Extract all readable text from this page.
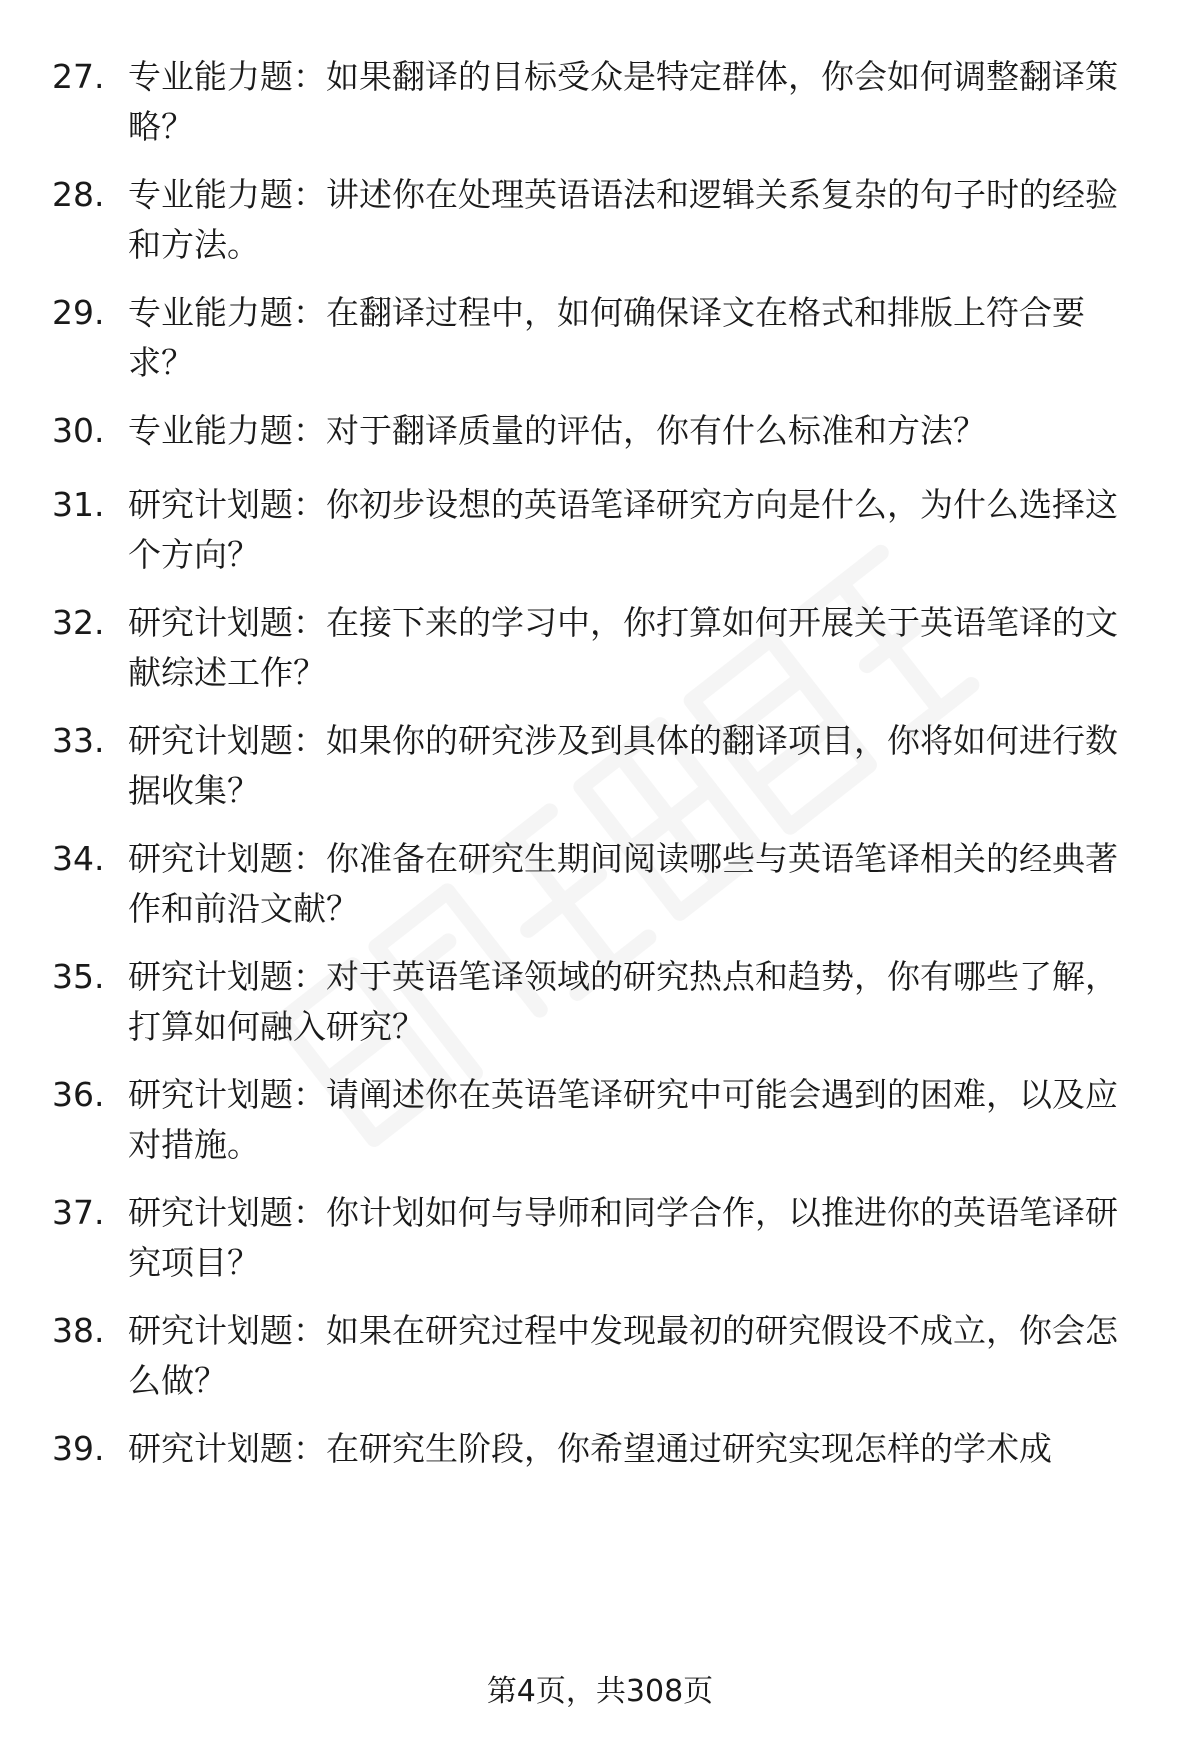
27. 专业能力题：如果翻译的目标受众是特定群体，你会如何调整翻译策略？

28. 专业能力题：讲述你在处理英语语法和逻辑关系复杂的句子时的经验和方法。

29. 专业能力题：在翻译过程中，如何确保译文在格式和排版上符合要求？

30. 专业能力题：对于翻译质量的评估，你有什么标准和方法？

31. 研究计划题：你初步设想的英语笔译研究方向是什么，为什么选择这个方向？

32. 研究计划题：在接下来的学习中，你打算如何开展关于英语笔译的文献综述工作？

33. 研究计划题：如果你的研究涉及到具体的翻译项目，你将如何进行数据收集？

34. 研究计划题：你准备在研究生期间阅读哪些与英语笔译相关的经典著作和前沿文献？

35. 研究计划题：对于英语笔译领域的研究热点和趋势，你有哪些了解，打算如何融入研究？

36. 研究计划题：请阐述你在英语笔译研究中可能会遇到的困难，以及应对措施。

37. 研究计划题：你计划如何与导师和同学合作，以推进你的英语笔译研究项目？

38. 研究计划题：如果在研究过程中发现最初的研究假设不成立，你会怎么做？

39. 研究计划题：在研究生阶段，你希望通过研究实现怎样的学术成

第4页，共308页
